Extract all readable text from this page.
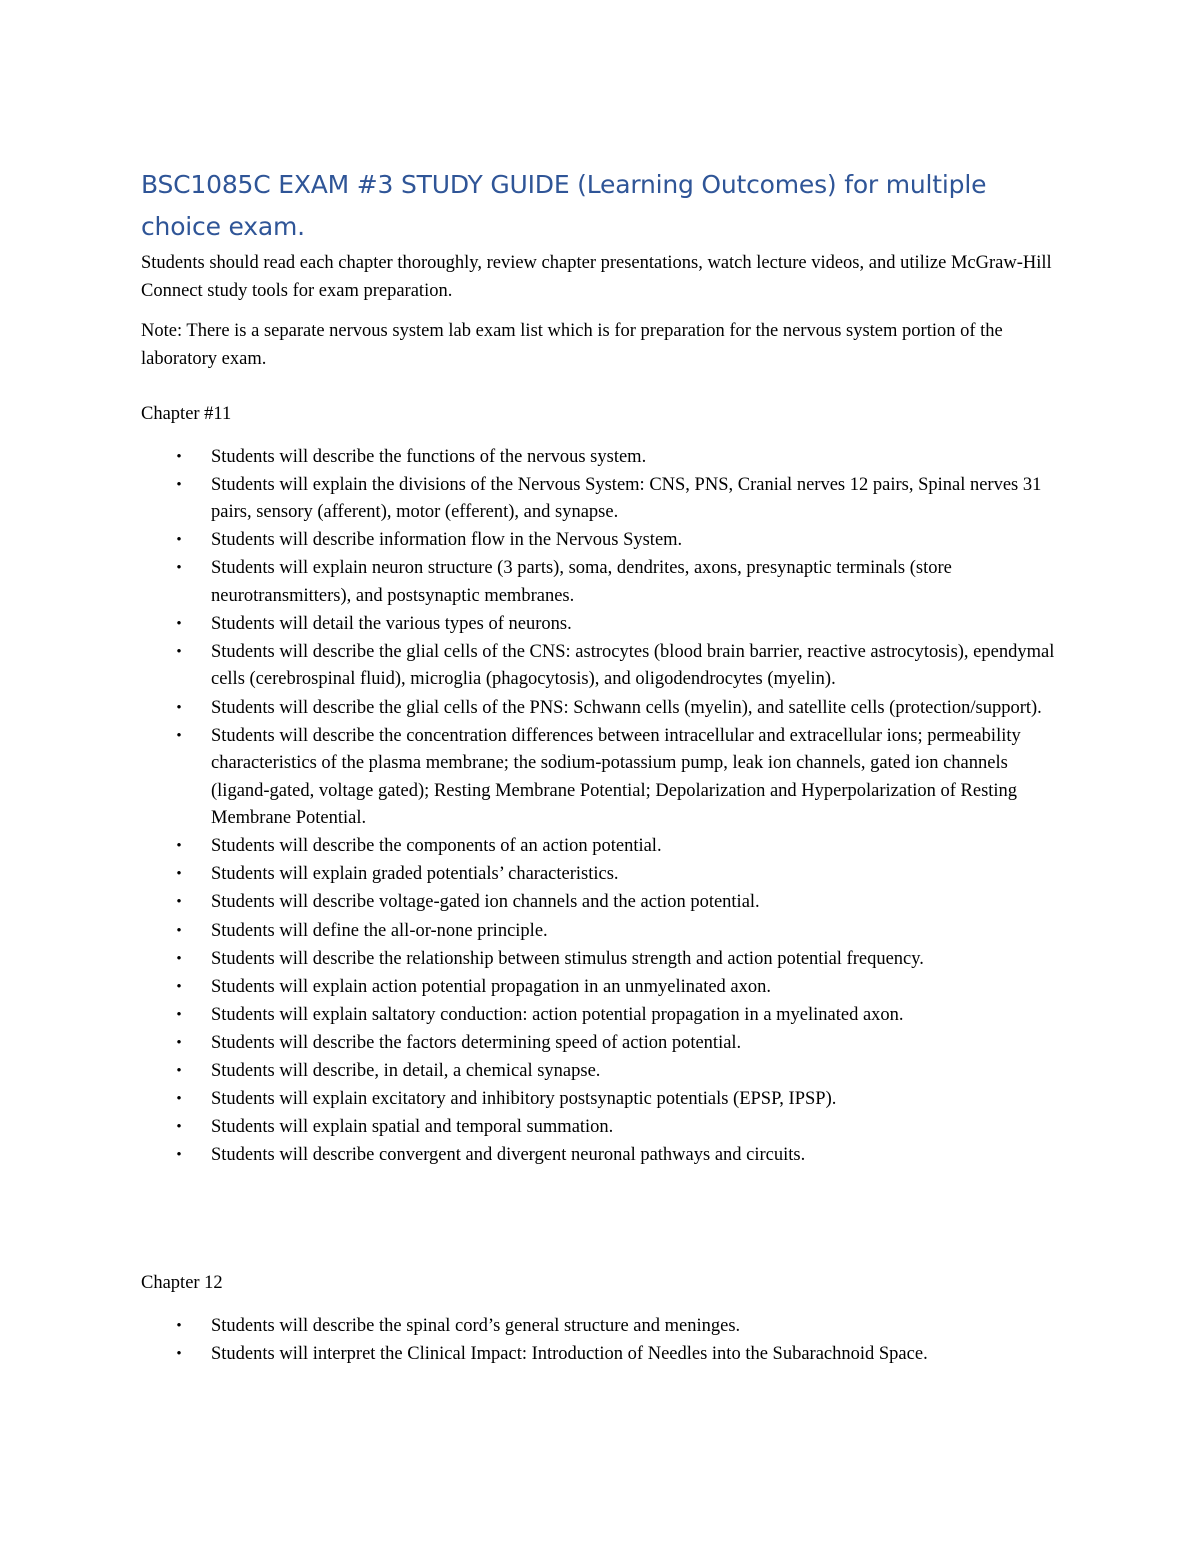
BSC1085C EXAM #3 STUDY GUIDE (Learning Outcomes) for multiple choice exam.

Students should read each chapter thoroughly, review chapter presentations, watch lecture videos, and utilize McGraw-Hill Connect study tools for exam preparation.

Note: There is a separate nervous system lab exam list which is for preparation for the nervous system portion of the laboratory exam.

Chapter #11
• Students will describe the functions of the nervous system.
• Students will explain the divisions of the Nervous System: CNS, PNS, Cranial nerves 12 pairs, Spinal nerves 31 pairs, sensory (afferent), motor (efferent), and synapse.
• Students will describe information flow in the Nervous System.
• Students will explain neuron structure (3 parts), soma, dendrites, axons, presynaptic terminals (store neurotransmitters), and postsynaptic membranes.
• Students will detail the various types of neurons.
• Students will describe the glial cells of the CNS: astrocytes (blood brain barrier, reactive astrocytosis), ependymal cells (cerebrospinal fluid), microglia (phagocytosis), and oligodendrocytes (myelin).
• Students will describe the glial cells of the PNS: Schwann cells (myelin), and satellite cells (protection/support).
• Students will describe the concentration differences between intracellular and extracellular ions; permeability characteristics of the plasma membrane; the sodium-potassium pump, leak ion channels, gated ion channels (ligand-gated, voltage gated); Resting Membrane Potential; Depolarization and Hyperpolarization of Resting Membrane Potential.
• Students will describe the components of an action potential.
• Students will explain graded potentials’ characteristics.
• Students will describe voltage-gated ion channels and the action potential.
• Students will define the all-or-none principle.
• Students will describe the relationship between stimulus strength and action potential frequency.
• Students will explain action potential propagation in an unmyelinated axon.
• Students will explain saltatory conduction: action potential propagation in a myelinated axon.
• Students will describe the factors determining speed of action potential.
• Students will describe, in detail, a chemical synapse.
• Students will explain excitatory and inhibitory postsynaptic potentials (EPSP, IPSP).
• Students will explain spatial and temporal summation.
• Students will describe convergent and divergent neuronal pathways and circuits.
Chapter 12
• Students will describe the spinal cord’s general structure and meninges.
• Students will interpret the Clinical Impact: Introduction of Needles into the Subarachnoid Space.
